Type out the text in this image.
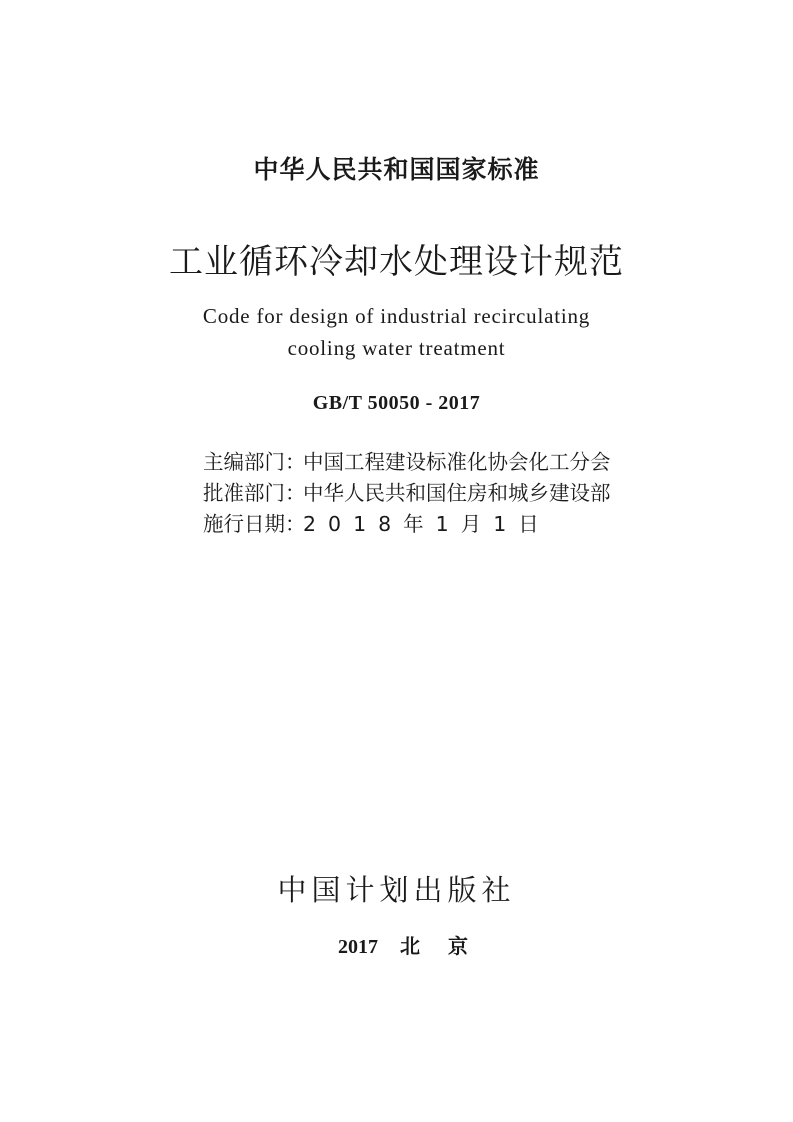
中华人民共和国国家标准
工业循环冷却水处理设计规范
Code for design of industrial recirculating
cooling water treatment
GB/T 50050 - 2017
主编部门：中国工程建设标准化协会化工分会
批准部门：中华人民共和国住房和城乡建设部
施行日期：2018年1月1日
中国计划出版社
2017 北京
